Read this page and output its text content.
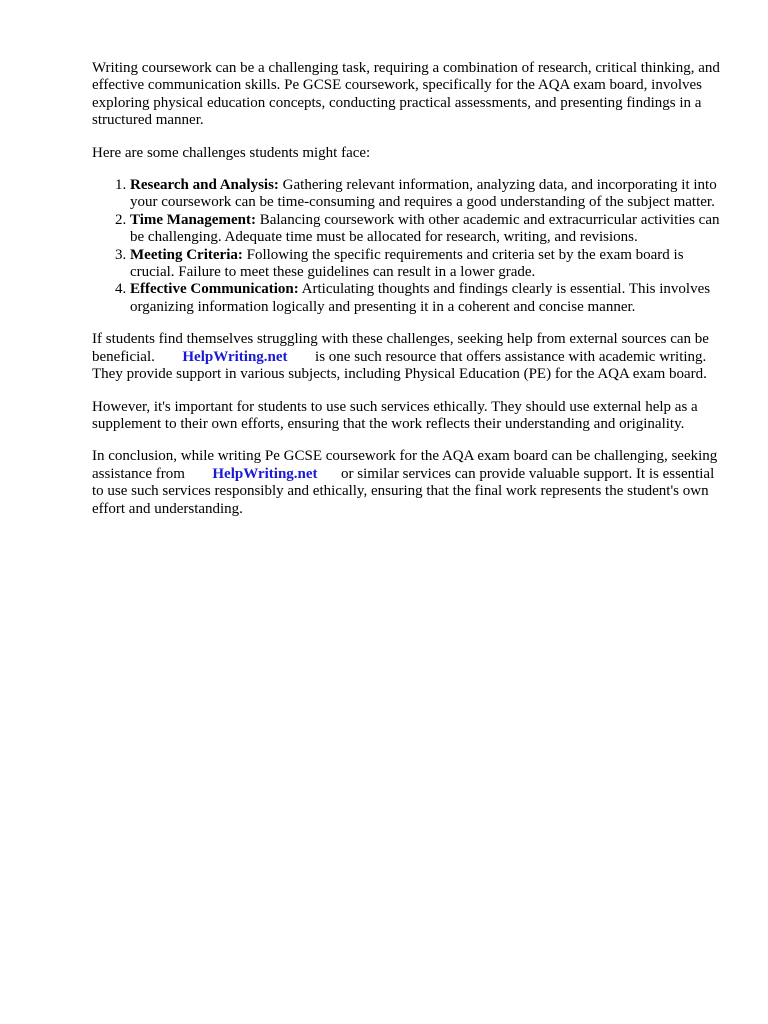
Writing coursework can be a challenging task, requiring a combination of research, critical thinking, and effective communication skills. Pe GCSE coursework, specifically for the AQA exam board, involves exploring physical education concepts, conducting practical assessments, and presenting findings in a structured manner.

Here are some challenges students might face:

1. Research and Analysis: Gathering relevant information, analyzing data, and incorporating it into your coursework can be time-consuming and requires a good understanding of the subject matter.
2. Time Management: Balancing coursework with other academic and extracurricular activities can be challenging. Adequate time must be allocated for research, writing, and revisions.
3. Meeting Criteria: Following the specific requirements and criteria set by the exam board is crucial. Failure to meet these guidelines can result in a lower grade.
4. Effective Communication: Articulating thoughts and findings clearly is essential. This involves organizing information logically and presenting it in a coherent and concise manner.

If students find themselves struggling with these challenges, seeking help from external sources can be beneficial. HelpWriting.net is one such resource that offers assistance with academic writing. They provide support in various subjects, including Physical Education (PE) for the AQA exam board.

However, it's important for students to use such services ethically. They should use external help as a supplement to their own efforts, ensuring that the work reflects their understanding and originality.

In conclusion, while writing Pe GCSE coursework for the AQA exam board can be challenging, seeking assistance from HelpWriting.net or similar services can provide valuable support. It is essential to use such services responsibly and ethically, ensuring that the final work represents the student's own effort and understanding.
